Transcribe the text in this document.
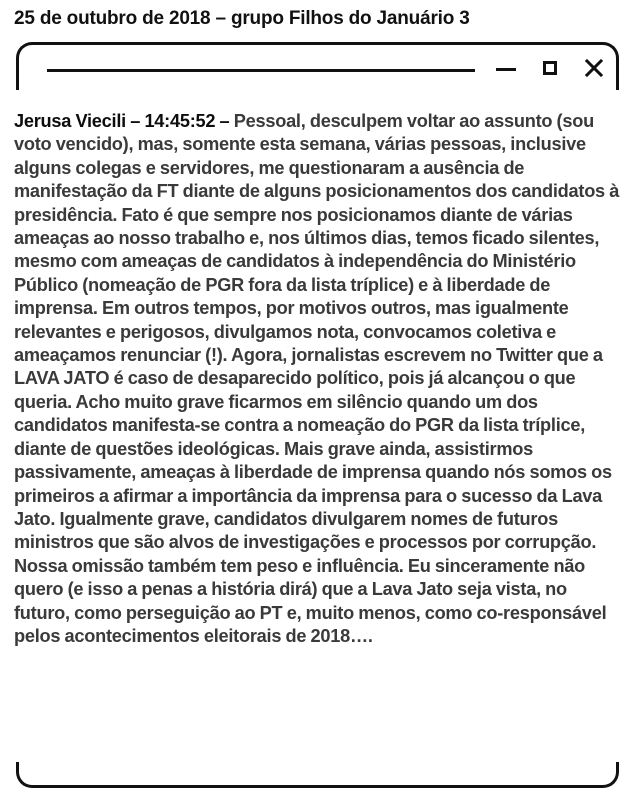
25 de outubro de 2018 – grupo Filhos do Januário 3
Jerusa Viecili – 14:45:52 – Pessoal, desculpem voltar ao assunto (sou voto vencido), mas, somente esta semana, várias pessoas, inclusive alguns colegas e servidores, me questionaram a ausência de manifestação da FT diante de alguns posicionamentos dos candidatos à presidência. Fato é que sempre nos posicionamos diante de várias ameaças ao nosso trabalho e, nos últimos dias, temos ficado silentes, mesmo com ameaças de candidatos à independência do Ministério Público (nomeação de PGR fora da lista tríplice) e à liberdade de imprensa. Em outros tempos, por motivos outros, mas igualmente relevantes e perigosos, divulgamos nota, convocamos coletiva e ameaçamos renunciar (!). Agora, jornalistas escrevem no Twitter que a LAVA JATO é caso de desaparecido político, pois já alcançou o que queria. Acho muito grave ficarmos em silêncio quando um dos candidatos manifesta-se contra a nomeação do PGR da lista tríplice, diante de questões ideológicas. Mais grave ainda, assistirmos passivamente, ameaças à liberdade de imprensa quando nós somos os primeiros a afirmar a importância da imprensa para o sucesso da Lava Jato. Igualmente grave, candidatos divulgarem nomes de futuros ministros que são alvos de investigações e processos por corrupção. Nossa omissão também tem peso e influência. Eu sinceramente não quero (e isso a penas a história dirá) que a Lava Jato seja vista, no futuro, como perseguição ao PT e, muito menos, como co-responsável pelos acontecimentos eleitorais de 2018….
